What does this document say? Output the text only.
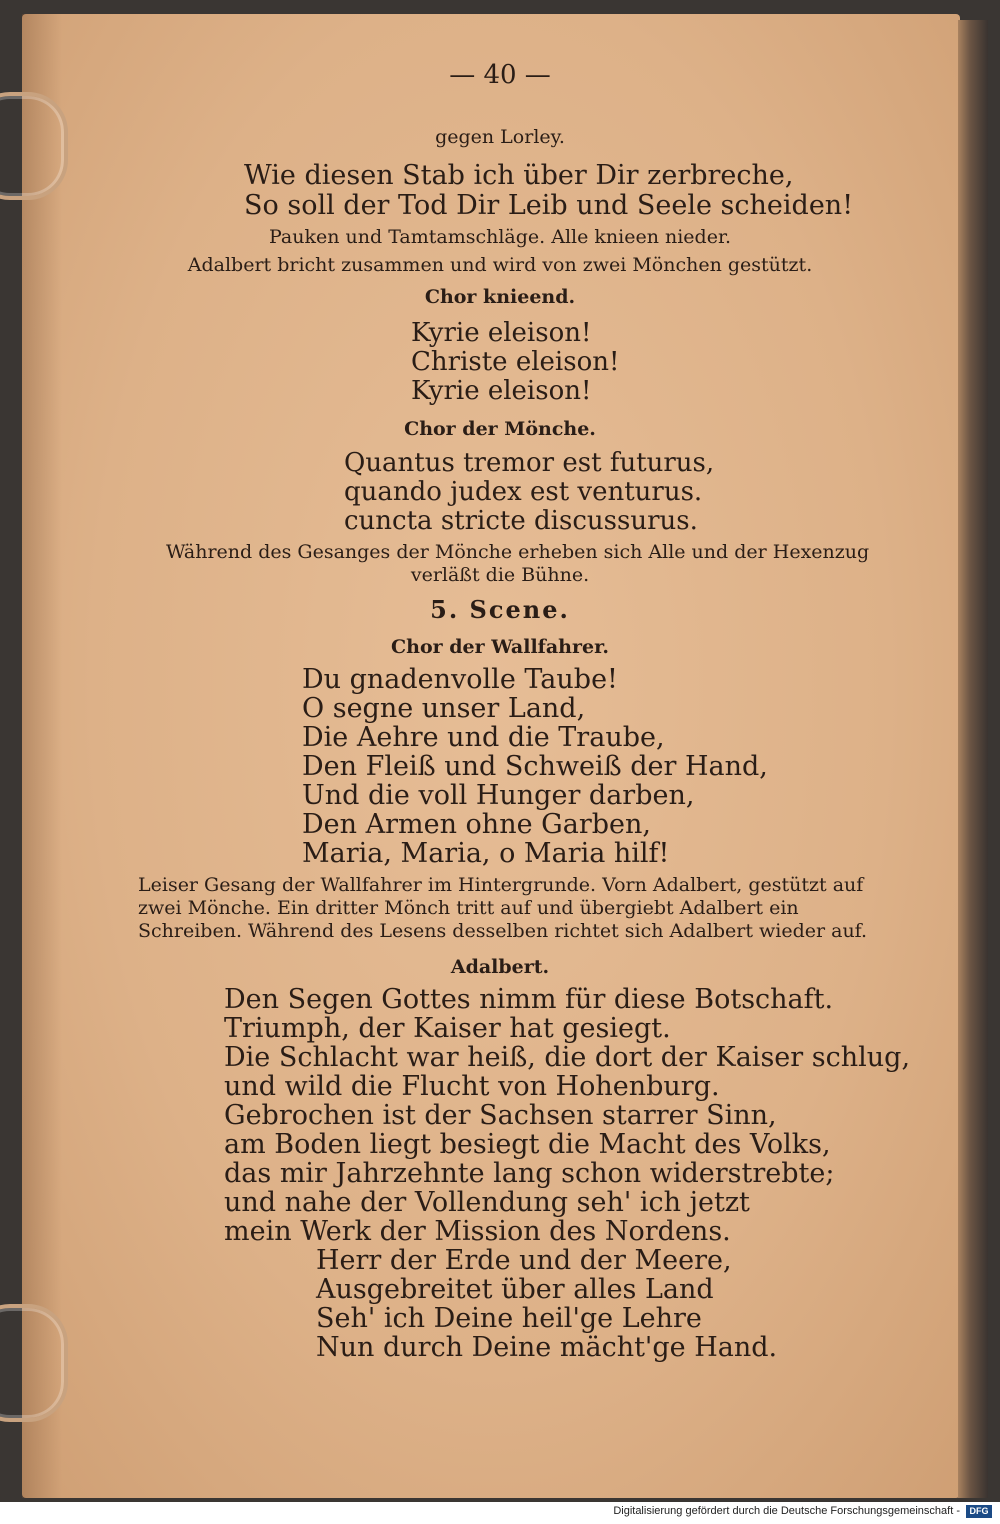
— 40 —
gegen Lorley.
Wie diesen Stab ich über Dir zerbreche,
So soll der Tod Dir Leib und Seele scheiden!
Pauken und Tamtamschläge. Alle knieen nieder.
Adalbert bricht zusammen und wird von zwei Mönchen gestützt.
Chor knieend.
Kyrie eleison!
Christe eleison!
Kyrie eleison!
Chor der Mönche.
Quantus tremor est futurus,
quando judex est venturus.
cuncta stricte discussurus.
Während des Gesanges der Mönche erheben sich Alle und der Hexenzug
verläßt die Bühne.
5. Scene.
Chor der Wallfahrer.
Du gnadenvolle Taube!
O segne unser Land,
Die Aehre und die Traube,
Den Fleiß und Schweiß der Hand,
Und die voll Hunger darben,
Den Armen ohne Garben,
Maria, Maria, o Maria hilf!
Leiser Gesang der Wallfahrer im Hintergrunde. Vorn Adalbert, gestützt auf
zwei Mönche. Ein dritter Mönch tritt auf und übergiebt Adalbert ein
Schreiben. Während des Lesens desselben richtet sich Adalbert wieder auf.
Adalbert.
Den Segen Gottes nimm für diese Botschaft.
Triumph, der Kaiser hat gesiegt.
Die Schlacht war heiß, die dort der Kaiser schlug,
und wild die Flucht von Hohenburg.
Gebrochen ist der Sachsen starrer Sinn,
am Boden liegt besiegt die Macht des Volks,
das mir Jahrzehnte lang schon widerstrebte;
und nahe der Vollendung seh' ich jetzt
mein Werk der Mission des Nordens.
Herr der Erde und der Meere,
Ausgebreitet über alles Land
Seh' ich Deine heil'ge Lehre
Nun durch Deine mächt'ge Hand.
Digitalisierung gefördert durch die Deutsche Forschungsgemeinschaft -	DFG
